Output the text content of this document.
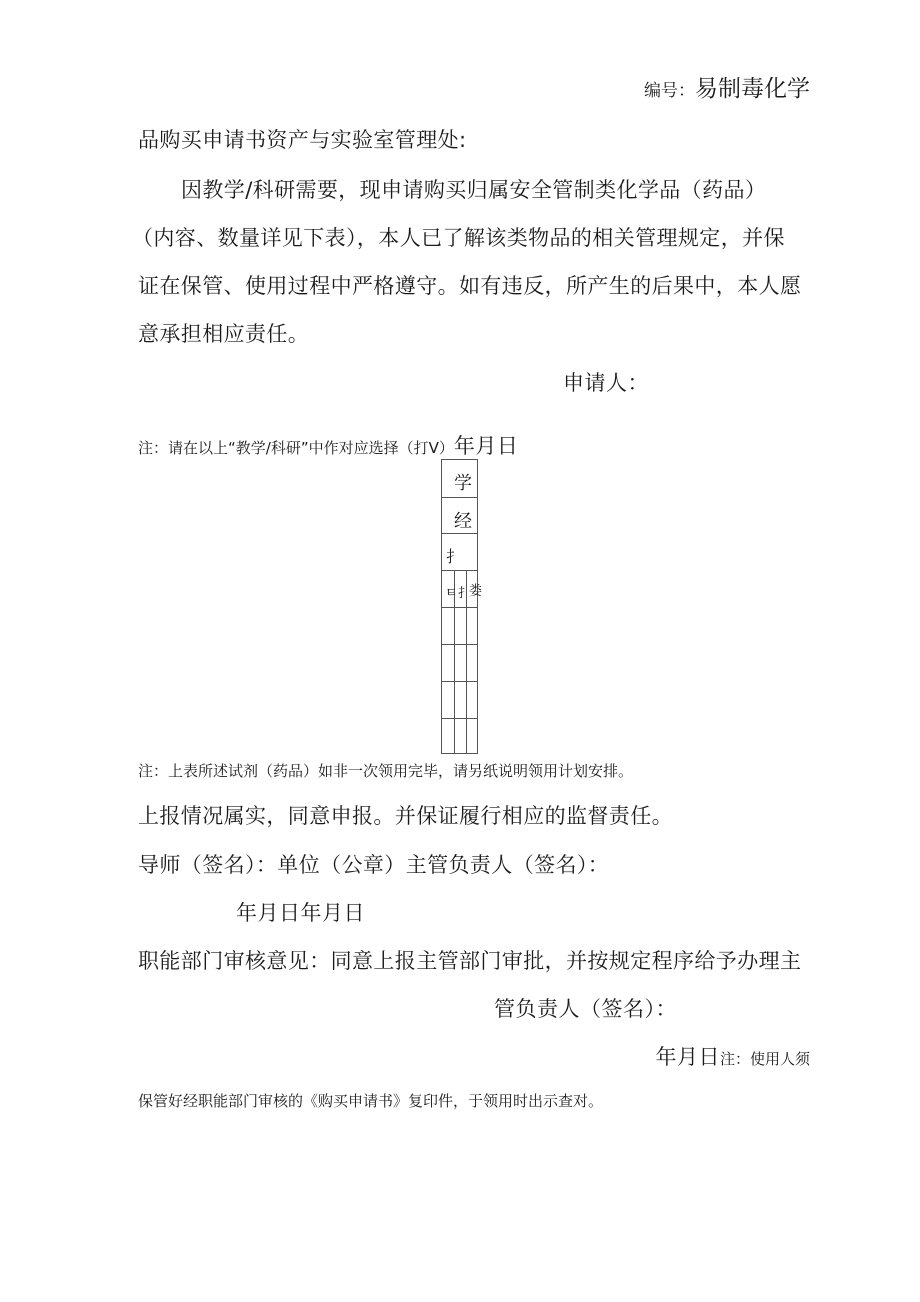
编号：易制毒化学
品购买申请书资产与实验室管理处:
因教学/科研需要，现申请购买归属安全管制类化学品（药品）
（内容、数量详见下表），本人已了解该类物品的相关管理规定，并保
证在保管、使用过程中严格遵守。如有违反，所产生的后果中，本人愿
意承担相应责任。
申请人：
注：请在以上“教学/科研”中作对应选择（打V）年月日
学
经
扌
ㅌ 扌
娄
注：上表所述试剂（药品）如非一次领用完毕，请另纸说明领用计划安排。
上报情况属实，同意申报。并保证履行相应的监督责任。
导师（签名）：单位（公章）主管负责人（签名）：
年月日年月日
职能部门审核意见：同意上报主管部门审批，并按规定程序给予办理主
管负责人（签名）：
年月日注：使用人须
保管好经职能部门审核的《购买申请书》复印件，于领用时出示查对。
